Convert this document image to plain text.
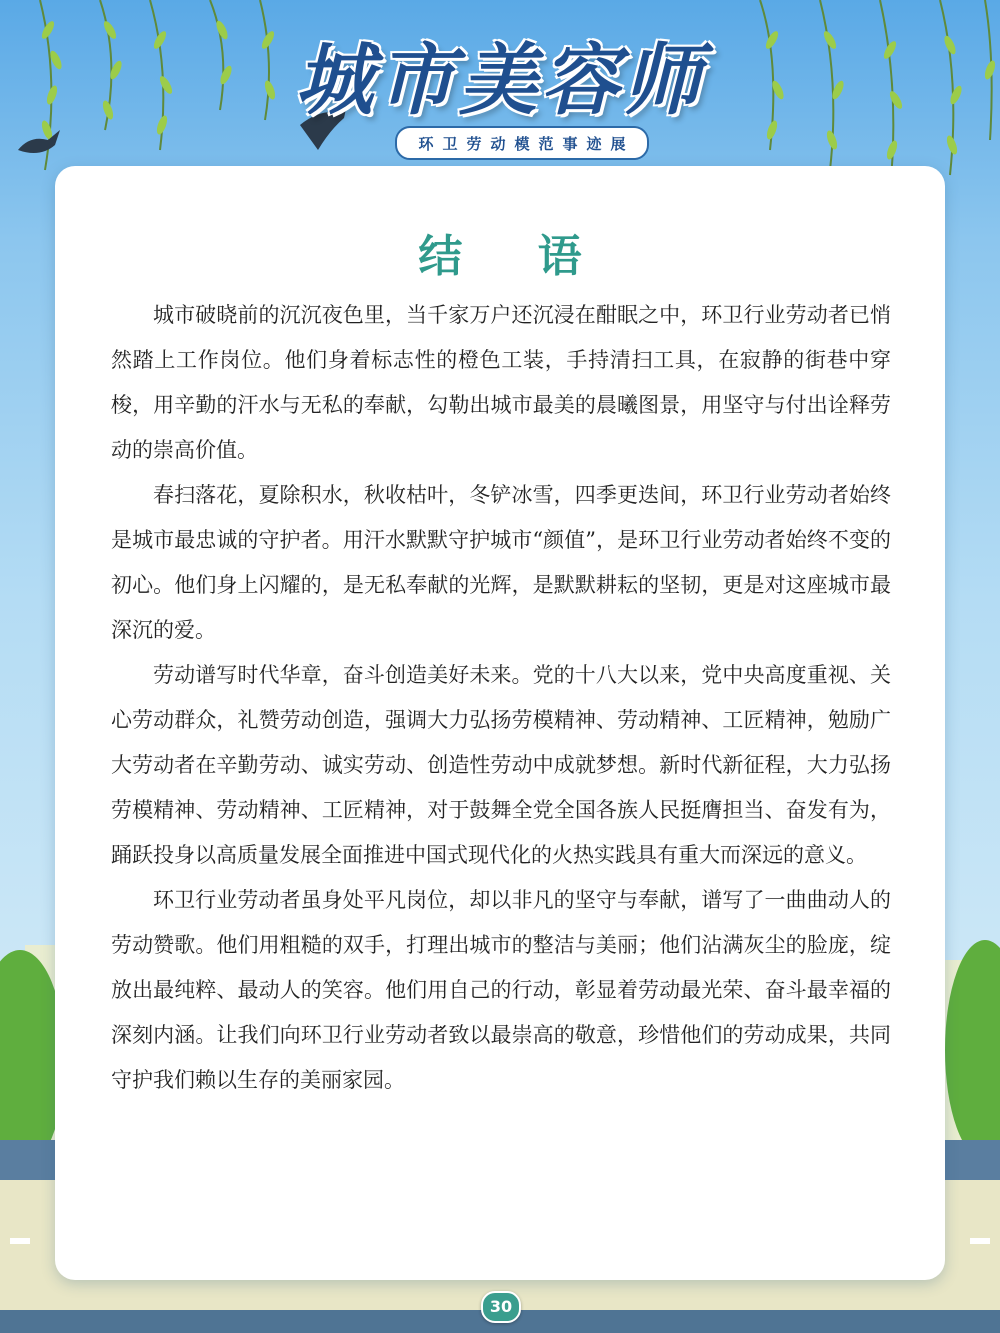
城市美容师
环卫劳动模范事迹展
结 语

城市破晓前的沉沉夜色里，当千家万户还沉浸在酣眠之中，环卫行业劳动者已悄然踏上工作岗位。他们身着标志性的橙色工装，手持清扫工具，在寂静的街巷中穿梭，用辛勤的汗水与无私的奉献，勾勒出城市最美的晨曦图景，用坚守与付出诠释劳动的崇高价值。

春扫落花，夏除积水，秋收枯叶，冬铲冰雪，四季更迭间，环卫行业劳动者始终是城市最忠诚的守护者。用汗水默默守护城市“颜值”，是环卫行业劳动者始终不变的初心。他们身上闪耀的，是无私奉献的光辉，是默默耕耘的坚韧，更是对这座城市最深沉的爱。

劳动谱写时代华章，奋斗创造美好未来。党的十八大以来，党中央高度重视、关心劳动群众，礼赞劳动创造，强调大力弘扬劳模精神、劳动精神、工匠精神，勉励广大劳动者在辛勤劳动、诚实劳动、创造性劳动中成就梦想。新时代新征程，大力弘扬劳模精神、劳动精神、工匠精神，对于鼓舞全党全国各族人民挺膺担当、奋发有为，踊跃投身以高质量发展全面推进中国式现代化的火热实践具有重大而深远的意义。

环卫行业劳动者虽身处平凡岗位，却以非凡的坚守与奉献，谱写了一曲曲动人的劳动赞歌。他们用粗糙的双手，打理出城市的整洁与美丽；他们沾满灰尘的脸庞，绽放出最纯粹、最动人的笑容。他们用自己的行动，彰显着劳动最光荣、奋斗最幸福的深刻内涵。让我们向环卫行业劳动者致以最崇高的敬意，珍惜他们的劳动成果，共同守护我们赖以生存的美丽家园。

30
